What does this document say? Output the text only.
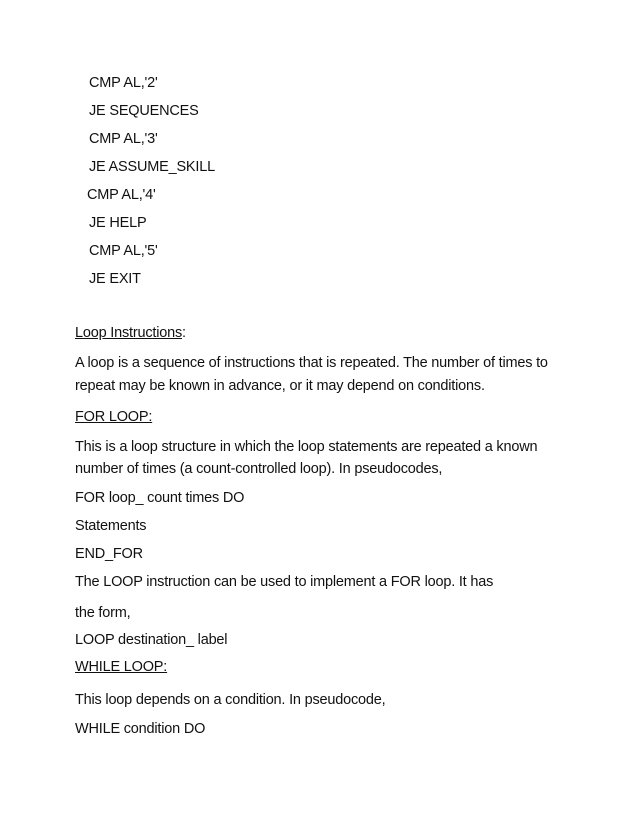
CMP AL,'2'
JE SEQUENCES
CMP AL,'3'
JE ASSUME_SKILL
CMP AL,'4'
JE HELP
CMP AL,'5'
JE EXIT
Loop Instructions:
A loop is a sequence of instructions that is repeated. The number of times to
repeat may be known in advance, or it may depend on conditions.
FOR LOOP:
This is a loop structure in which the loop statements are repeated a known
number of times (a count-controlled loop). In pseudocodes,
FOR loop_ count times DO
Statements
END_FOR
The LOOP instruction can be used to implement a FOR loop. It has
the form,
LOOP destination_ label
WHILE LOOP:
This loop depends on a condition. In pseudocode,
WHILE condition DO
